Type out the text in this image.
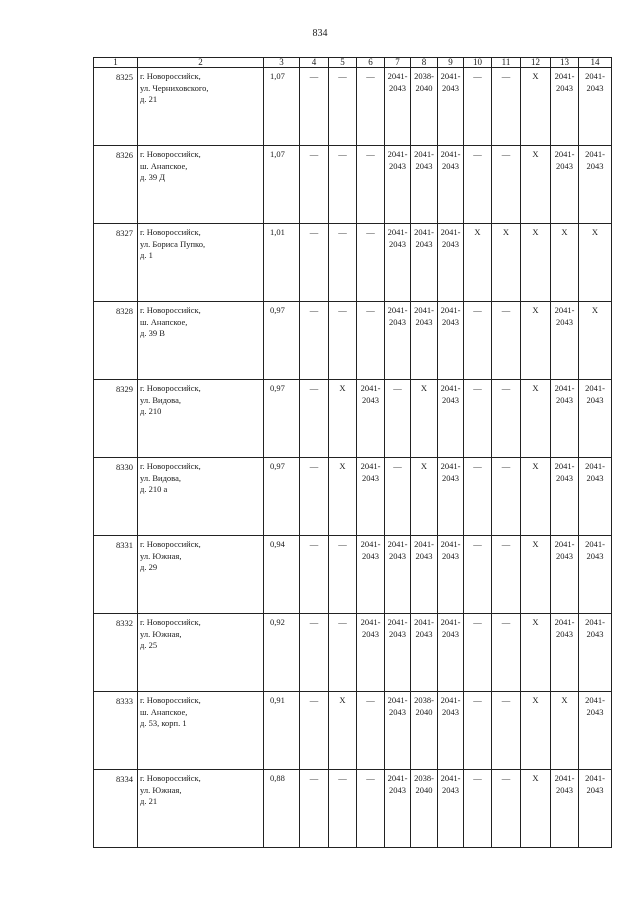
834
1	2	3	4	5	6	7	8	9	10	11	12	13	14
8325	г. Новороссийск,
ул. Черниховского,
д. 21	1,07	—	—	—	2041-
2043	2038-
2040	2041-
2043	—	—	X	2041-
2043	2041-
2043

8326	г. Новороссийск,
ш. Анапское,
д. 39 Д	1,07	—	—	—	2041-
2043	2041-
2043	2041-
2043	—	—	X	2041-
2043	2041-
2043

8327	г. Новороссийск,
ул. Бориса Пупко,
д. 1	1,01	—	—	—	2041-
2043	2041-
2043	2041-
2043	X	X	X	X	X
8328	г. Новороссийск,
ш. Анапское,
д. 39 В	0,97	—	—	—	2041-
2043	2041-
2043	2041-
2043	—	—	X	2041-
2043	X
8329	г. Новороссийск,
ул. Видова,
д. 210	0,97	—	X	2041-
2043	—	X	2041-
2043	—	—	X	2041-
2043	2041-
2043

8330	г. Новороссийск,
ул. Видова,
д. 210 а	0,97	—	X	2041-
2043	—	X	2041-
2043	—	—	X	2041-
2043	2041-
2043

8331	г. Новороссийск,
ул. Южная,
д. 29	0,94	—	—	2041-
2043	2041-
2043	2041-
2043	2041-
2043	—	—	X	2041-
2043	2041-
2043

8332	г. Новороссийск,
ул. Южная,
д. 25	0,92	—	—	2041-
2043	2041-
2043	2041-
2043	2041-
2043	—	—	X	2041-
2043	2041-
2043

8333	г. Новороссийск,
ш. Анапское,
д. 53, корп. 1	0,91	—	X	—	2041-
2043	2038-
2040	2041-
2043	—	—	X	X	2041-
2043

8334	г. Новороссийск,
ул. Южная,
д. 21	0,88	—	—	—	2041-
2043	2038-
2040	2041-
2043	—	—	X	2041-
2043	2041-
2043
